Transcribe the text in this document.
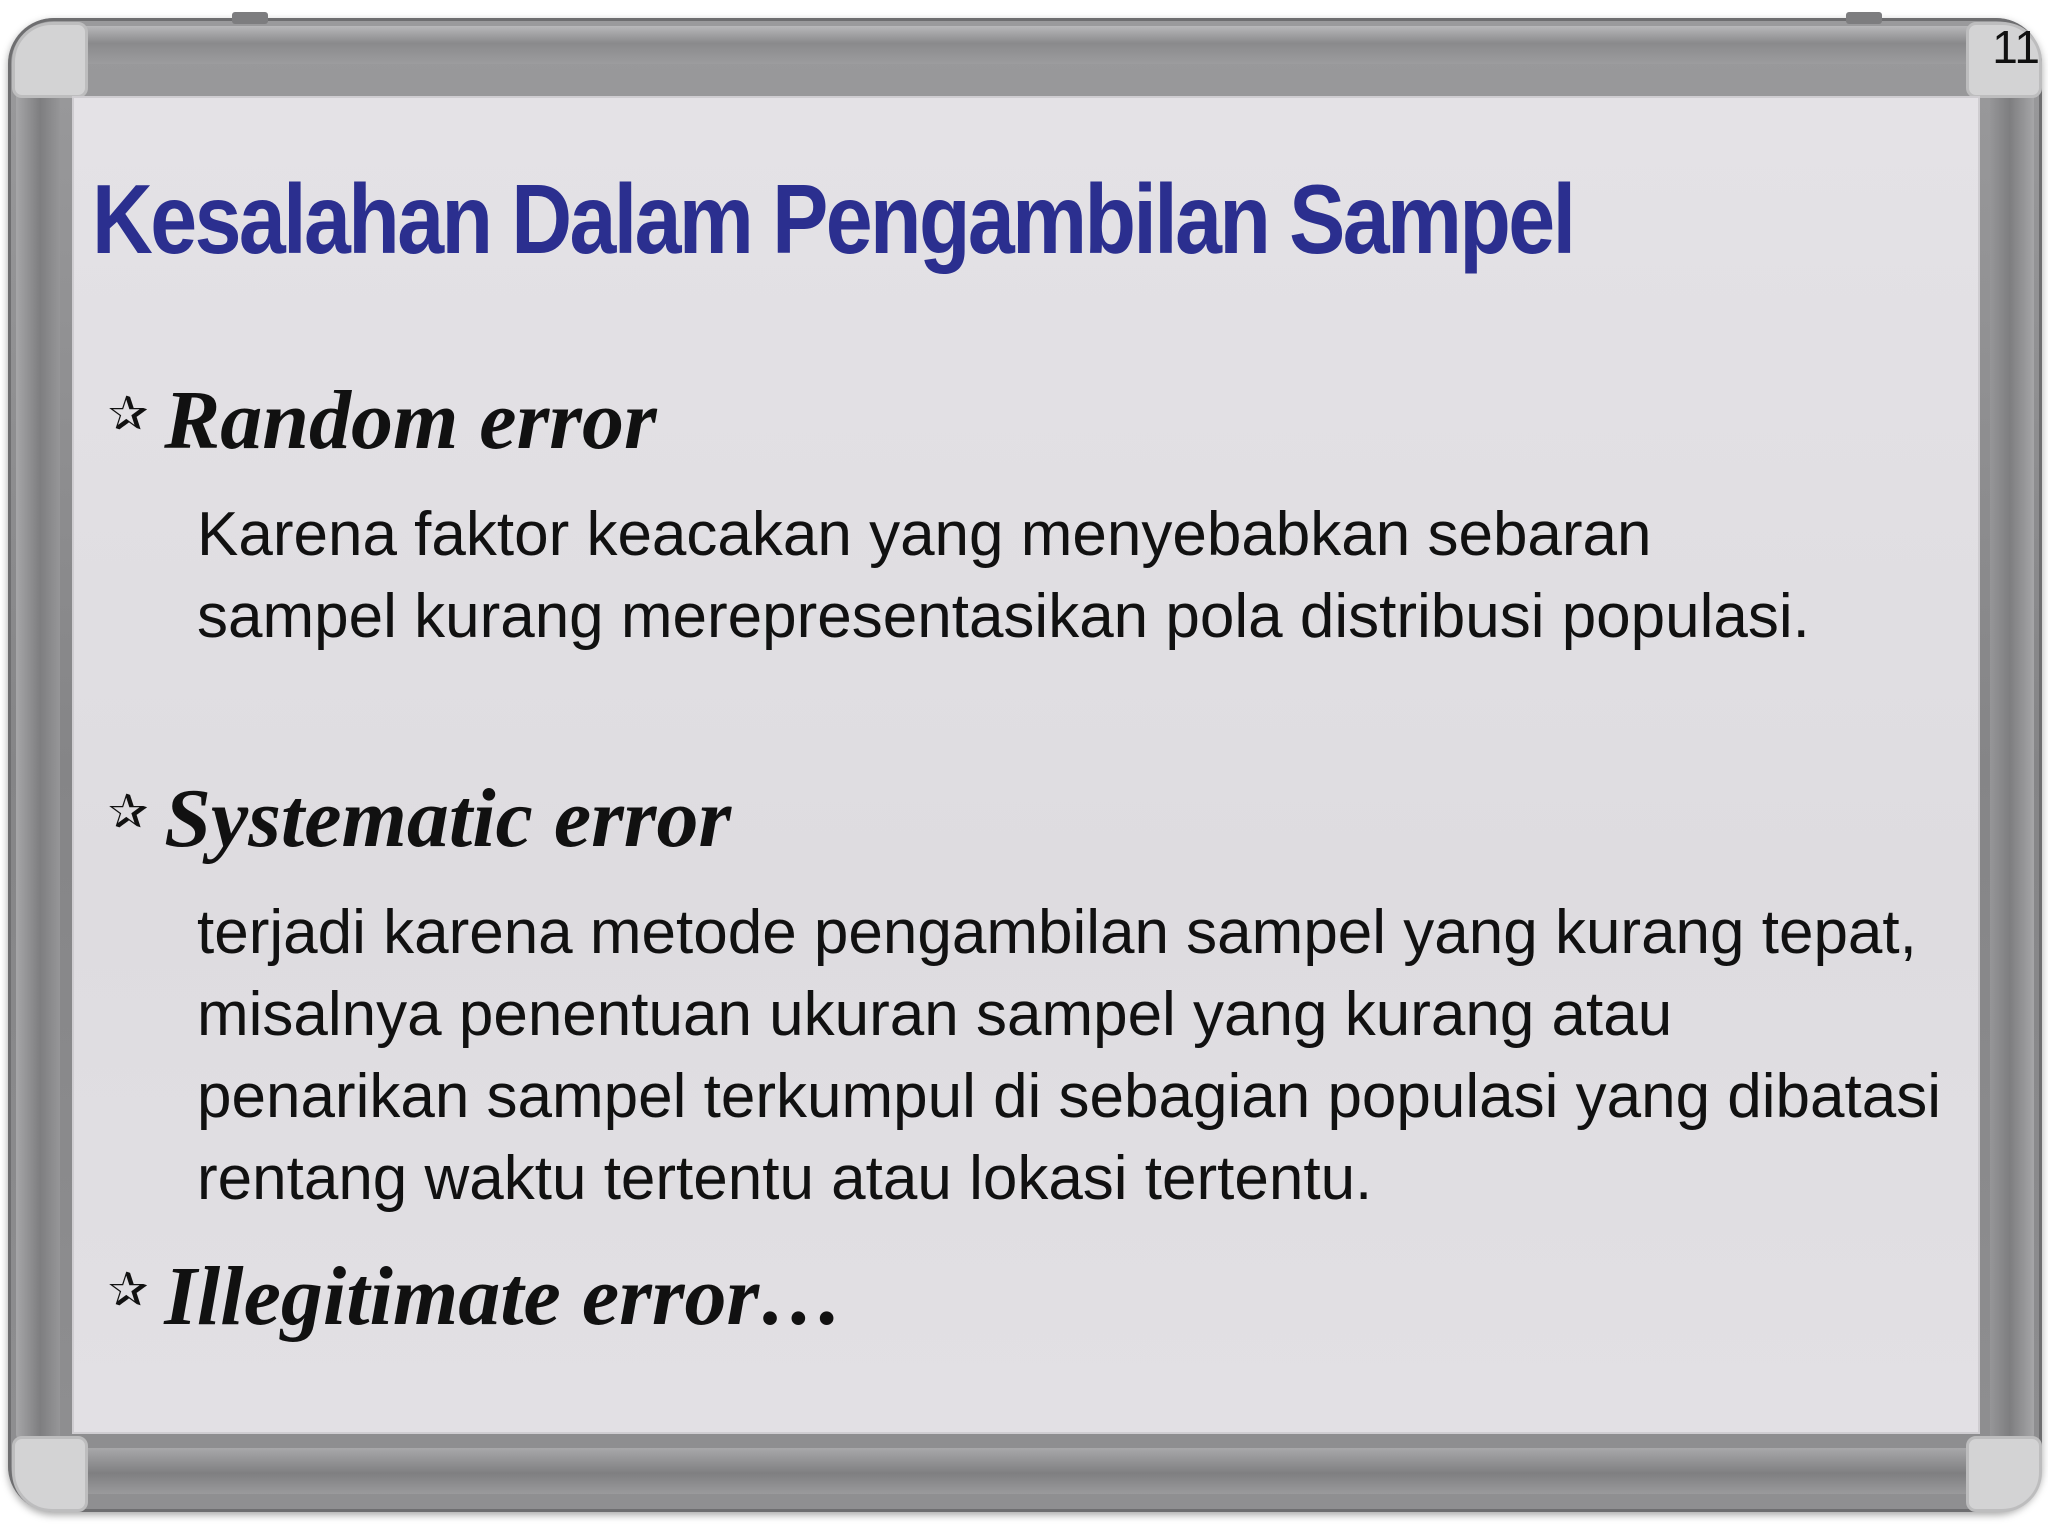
11
Kesalahan Dalam Pengambilan Sampel
✰ Random error

Karena faktor keacakan yang menyebabkan sebaran sampel kurang merepresentasikan pola distribusi populasi.

✰ Systematic error

terjadi karena metode pengambilan sampel yang kurang tepat, misalnya penentuan ukuran sampel yang kurang atau penarikan sampel terkumpul di sebagian populasi yang dibatasi rentang waktu tertentu atau lokasi tertentu.

✰ Illegitimate error…
